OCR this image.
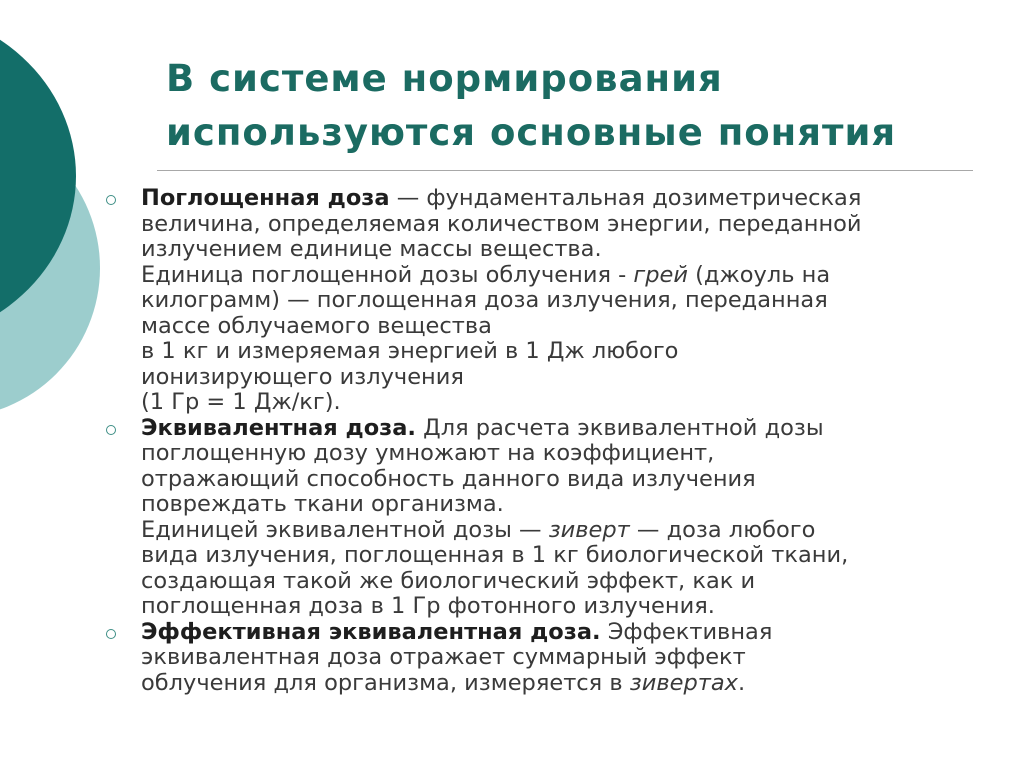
В системе нормирования
используются основные понятия
Поглощенная доза — фундаментальная дозиметрическая
величина, определяемая количеством энергии, переданной
излучением единице массы вещества.
Единица поглощенной дозы облучения - грей (джоуль на
килограмм) — поглощенная доза излучения, переданная
массе облучаемого вещества
в 1 кг и измеряемая энергией в 1 Дж любого
ионизирующего излучения
(1 Гр = 1 Дж/кг).
Эквивалентная доза. Для расчета эквивалентной дозы
поглощенную дозу умножают на коэффициент,
отражающий способность данного вида излучения
повреждать ткани организма.
Единицей эквивалентной дозы — зиверт — доза любого
вида излучения, поглощенная в 1 кг биологической ткани,
создающая такой же биологический эффект, как и
поглощенная доза в 1 Гр фотонного излучения.
Эффективная эквивалентная доза. Эффективная
эквивалентная доза отражает суммарный эффект
облучения для организма, измеряется в зивертах.
